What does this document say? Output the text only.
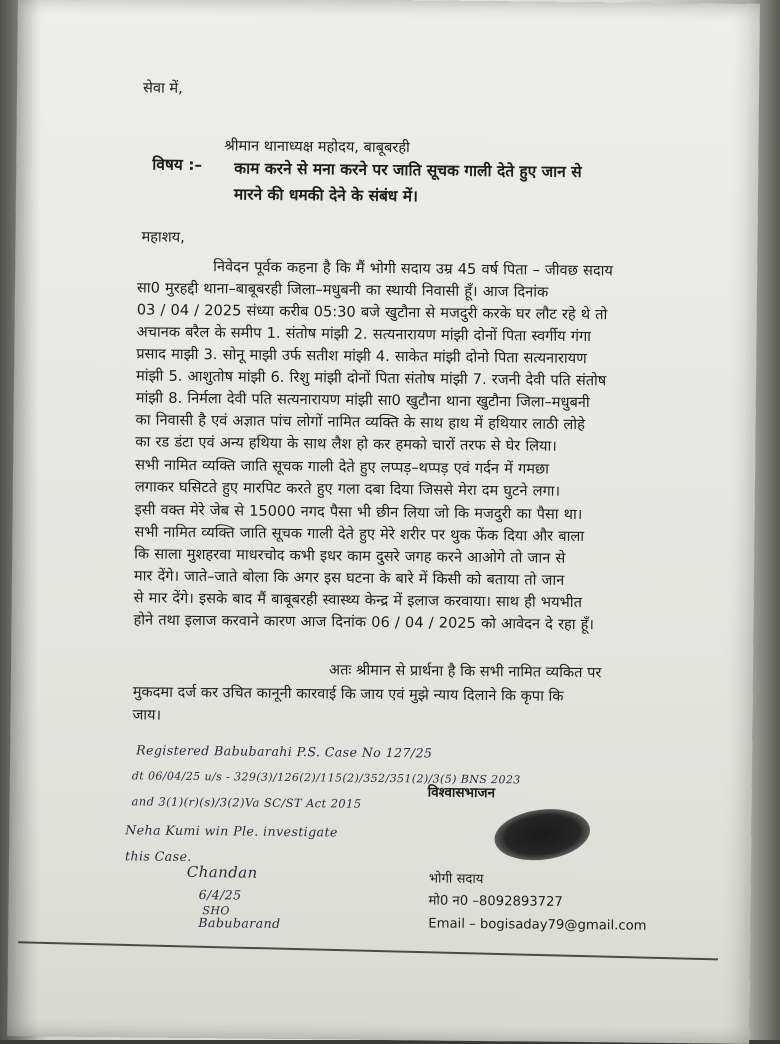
सेवा में,
श्रीमान थानाध्यक्ष महोदय, बाबूबरही
विषय :– काम करने से मना करने पर जाति सूचक गाली देते हुए जान से
मारने की धमकी देने के संबंध में।
महाशय,
निवेदन पूर्वक कहना है कि मैं भोगी सदाय उम्र 45 वर्ष पिता – जीवछ सदाय
सा0 मुरहद्दी थाना–बाबूबरही जिला–मधुबनी का स्थायी निवासी हूँ। आज दिनांक
03 / 04 / 2025 संध्या करीब 05:30 बजे खुटौना से मजदुरी करके घर लौट रहे थे तो
अचानक बरैल के समीप 1. संतोष मांझी 2. सत्यनारायण मांझी दोनों पिता स्वर्गीय गंगा
प्रसाद माझी 3. सोनू माझी उर्फ सतीश मांझी 4. साकेत मांझी दोनो पिता सत्यनारायण
मांझी 5. आशुतोष मांझी 6. रिशु मांझी दोनों पिता संतोष मांझी 7. रजनी देवी पति संतोष
मांझी 8. निर्मला देवी पति सत्यनारायण मांझी सा0 खुटौना थाना खुटौना जिला–मधुबनी
का निवासी है एवं अज्ञात पांच लोगों नामित व्यक्ति के साथ हाथ में हथियार लाठी लोहे
का रड डंटा एवं अन्य हथिया के साथ लैश हो कर हमको चारों तरफ से घेर लिया।
सभी नामित व्यक्ति जाति सूचक गाली देते हुए लप्पड़–थप्पड़ एवं गर्दन में गमछा
लगाकर घसिटते हुए मारपिट करते हुए गला दबा दिया जिससे मेरा दम घुटने लगा।
इसी वक्त मेरे जेब से 15000 नगद पैसा भी छीन लिया जो कि मजदुरी का पैसा था।
सभी नामित व्यक्ति जाति सूचक गाली देते हुए मेरे शरीर पर थुक फेंक दिया और बाला
कि साला मुशहरवा माधरचोद कभी इधर काम दुसरे जगह करने आओगे तो जान से
मार देंगे। जाते–जाते बोला कि अगर इस घटना के बारे में किसी को बताया तो जान
से मार देंगे। इसके बाद मैं बाबूबरही स्वास्थ्य केन्द्र में इलाज करवाया। साथ ही भयभीत
होने तथा इलाज करवाने कारण आज दिनांक 06 / 04 / 2025 को आवेदन दे रहा हूँ।
अतः श्रीमान से प्रार्थना है कि सभी नामित व्यकित पर
मुकदमा दर्ज कर उचित कानूनी कारवाई कि जाय एवं मुझे न्याय दिलाने कि कृपा कि
जाय।
Registered Babubarahi P.S. Case No 127/25
dt 06/04/25 u/s - 329(3)/126(2)/115(2)/352/351(2)/3(5) BNS 2023
and 3(1)(r)(s)/3(2)Va SC/ST Act 2015
Neha Kumi win Ple. investigate
this Case.
Chandan
6/4/25
SHO
Babubarand
विश्वासभाजन
भोगी सदाय
मो0 न0 –8092893727
Email – bogisaday79@gmail.com
